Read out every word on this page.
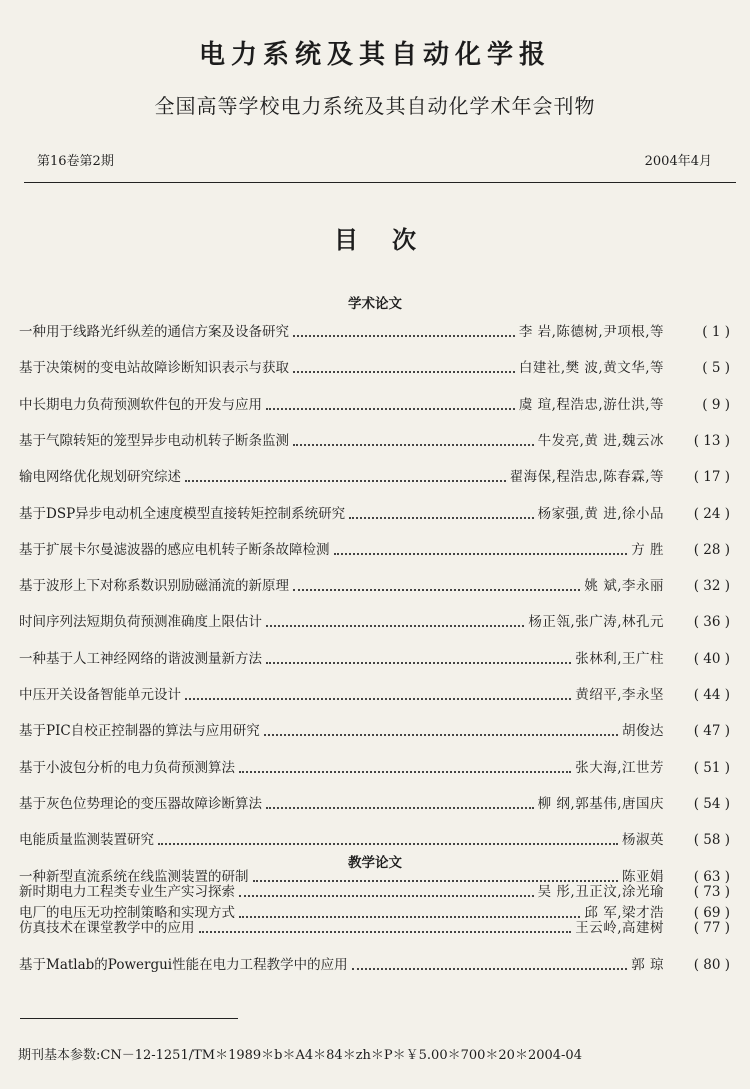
电力系统及其自动化学报
全国高等学校电力系统及其自动化学术年会刊物
第16卷第2期	2004年4月
目次
学术论文
一种用于线路光纤纵差的通信方案及设备研究	李 岩,陈德树,尹项根,等	( 1 )
基于决策树的变电站故障诊断知识表示与获取	白建社,樊 波,黄文华,等	( 5 )
中长期电力负荷预测软件包的开发与应用	虞 瑄,程浩忠,游仕洪,等	( 9 )
基于气隙转矩的笼型异步电动机转子断条监测	牛发亮,黄 进,魏云冰	( 13 )
输电网络优化规划研究综述	翟海保,程浩忠,陈春霖,等	( 17 )
基于DSP异步电动机全速度模型直接转矩控制系统研究	杨家强,黄 进,徐小品	( 24 )
基于扩展卡尔曼滤波器的感应电机转子断条故障检测	方 胜	( 28 )
基于波形上下对称系数识别励磁涌流的新原理	姚 斌,李永丽	( 32 )
时间序列法短期负荷预测准确度上限估计	杨正瓴,张广涛,林孔元	( 36 )
一种基于人工神经网络的谐波测量新方法	张林利,王广柱	( 40 )
中压开关设备智能单元设计	黄绍平,李永坚	( 44 )
基于PIC自校正控制器的算法与应用研究	胡俊达	( 47 )
基于小波包分析的电力负荷预测算法	张大海,江世芳	( 51 )
基于灰色位势理论的变压器故障诊断算法	柳 纲,郭基伟,唐国庆	( 54 )
电能质量监测装置研究	杨淑英	( 58 )
一种新型直流系统在线监测装置的研制	陈亚娟	( 63 )
电厂的电压无功控制策略和实现方式	邱 军,梁才浩	( 69 )
教学论文
新时期电力工程类专业生产实习探索	吴 彤,丑正汶,涂光瑜	( 73 )
仿真技术在课堂教学中的应用	王云岭,高建树	( 77 )
基于Matlab的Powergui性能在电力工程教学中的应用	郭 琼	( 80 )
期刊基本参数:CN－12-1251/TM＊1989＊b＊A4＊84＊zh＊P＊￥5.00＊700＊20＊2004-04
